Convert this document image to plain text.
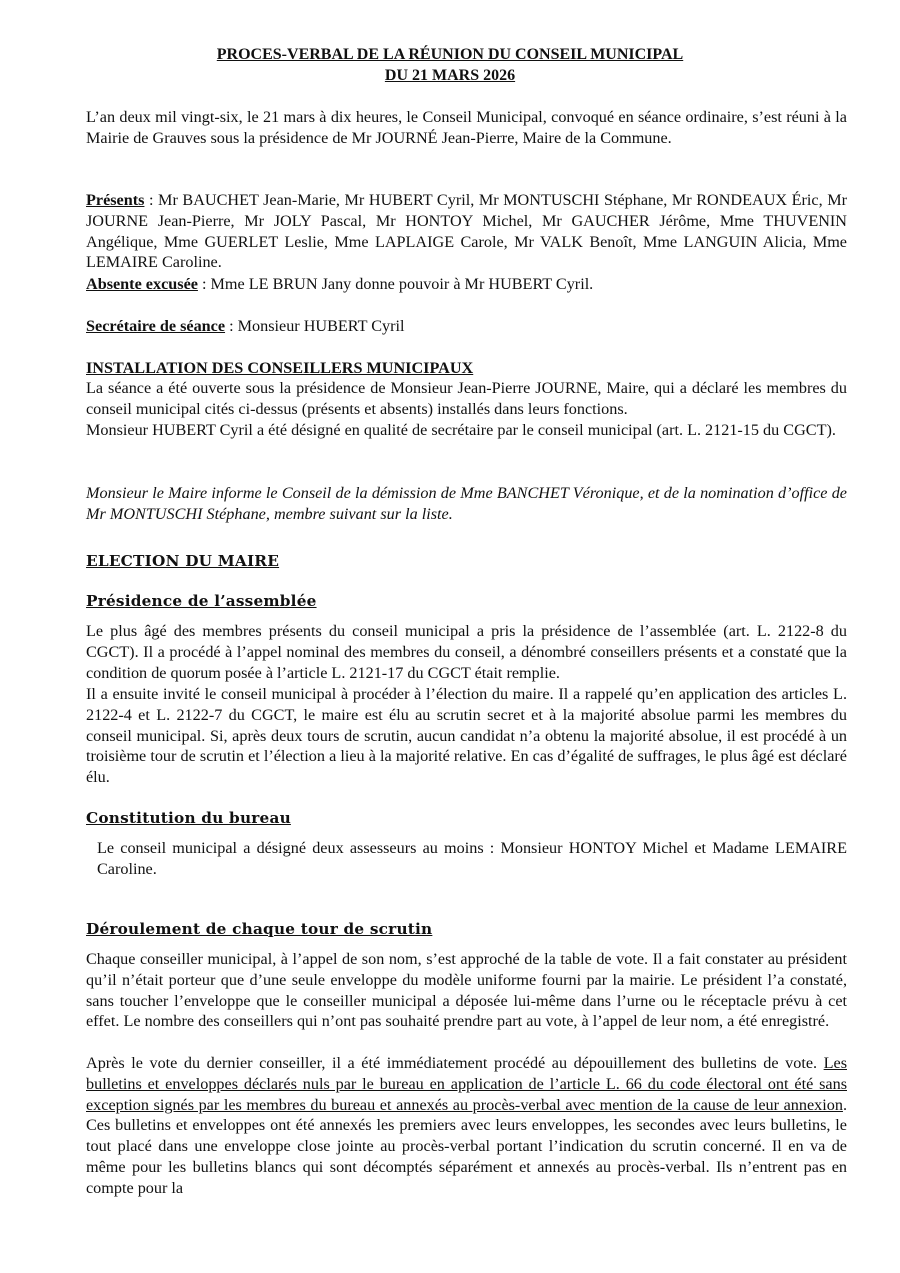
PROCES-VERBAL DE LA RÉUNION DU CONSEIL MUNICIPAL
DU 21 MARS 2026

L’an deux mil vingt-six, le 21 mars à dix heures, le Conseil Municipal, convoqué en séance ordinaire, s’est réuni à la Mairie de Grauves sous la présidence de Mr JOURNÉ Jean-Pierre, Maire de la Commune.

Présents : Mr BAUCHET Jean-Marie, Mr HUBERT Cyril, Mr MONTUSCHI Stéphane, Mr RONDEAUX Éric, Mr JOURNE Jean-Pierre, Mr JOLY Pascal, Mr HONTOY Michel, Mr GAUCHER Jérôme, Mme THUVENIN Angélique, Mme GUERLET Leslie, Mme LAPLAIGE Carole, Mr VALK Benoît, Mme LANGUIN Alicia, Mme LEMAIRE Caroline.

Absente excusée : Mme LE BRUN Jany donne pouvoir à Mr HUBERT Cyril.

Secrétaire de séance : Monsieur HUBERT Cyril

INSTALLATION DES CONSEILLERS MUNICIPAUX

La séance a été ouverte sous la présidence de Monsieur Jean-Pierre JOURNE, Maire, qui a déclaré les membres du conseil municipal cités ci-dessus (présents et absents) installés dans leurs fonctions.

Monsieur HUBERT Cyril a été désigné en qualité de secrétaire par le conseil municipal (art. L. 2121-15 du CGCT).

Monsieur le Maire informe le Conseil de la démission de Mme BANCHET Véronique, et de la nomination d’office de Mr MONTUSCHI Stéphane, membre suivant sur la liste.

ELECTION DU MAIRE

Présidence de l’assemblée

Le plus âgé des membres présents du conseil municipal a pris la présidence de l’assemblée (art. L. 2122-8 du CGCT). Il a procédé à l’appel nominal des membres du conseil, a dénombré conseillers présents et a constaté que la condition de quorum posée à l’article L. 2121-17 du CGCT était remplie.

Il a ensuite invité le conseil municipal à procéder à l’élection du maire. Il a rappelé qu’en application des articles L. 2122-4 et L. 2122-7 du CGCT, le maire est élu au scrutin secret et à la majorité absolue parmi les membres du conseil municipal. Si, après deux tours de scrutin, aucun candidat n’a obtenu la majorité absolue, il est procédé à un troisième tour de scrutin et l’élection a lieu à la majorité relative. En cas d’égalité de suffrages, le plus âgé est déclaré élu.

Constitution du bureau

Le conseil municipal a désigné deux assesseurs au moins : Monsieur HONTOY Michel et Madame LEMAIRE Caroline.

Déroulement de chaque tour de scrutin

Chaque conseiller municipal, à l’appel de son nom, s’est approché de la table de vote. Il a fait constater au président qu’il n’était porteur que d’une seule enveloppe du modèle uniforme fourni par la mairie. Le président l’a constaté, sans toucher l’enveloppe que le conseiller municipal a déposée lui-même dans l’urne ou le réceptacle prévu à cet effet. Le nombre des conseillers qui n’ont pas souhaité prendre part au vote, à l’appel de leur nom, a été enregistré.

Après le vote du dernier conseiller, il a été immédiatement procédé au dépouillement des bulletins de vote. Les bulletins et enveloppes déclarés nuls par le bureau en application de l’article L. 66 du code électoral ont été sans exception signés par les membres du bureau et annexés au procès-verbal avec mention de la cause de leur annexion. Ces bulletins et enveloppes ont été annexés les premiers avec leurs enveloppes, les secondes avec leurs bulletins, le tout placé dans une enveloppe close jointe au procès-verbal portant l’indication du scrutin concerné. Il en va de même pour les bulletins blancs qui sont décomptés séparément et annexés au procès-verbal. Ils n’entrent pas en compte pour la
